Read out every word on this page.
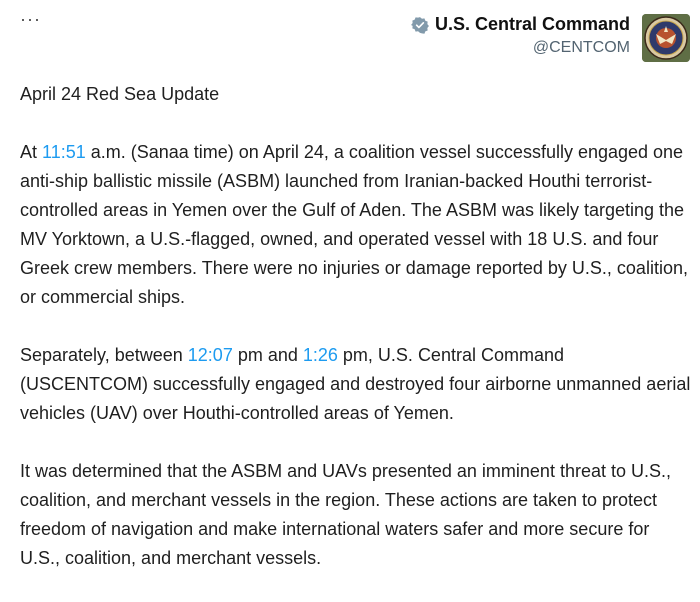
···	U.S. Central Command
@CENTCOM

April 24 Red Sea Update

At 11:51 a.m. (Sanaa time) on April 24, a coalition vessel successfully engaged one anti-ship ballistic missile (ASBM) launched from Iranian-backed Houthi terrorist-controlled areas in Yemen over the Gulf of Aden. The ASBM was likely targeting the MV Yorktown, a U.S.-flagged, owned, and operated vessel with 18 U.S. and four Greek crew members. There were no injuries or damage reported by U.S., coalition, or commercial ships.

Separately, between 12:07 pm and 1:26 pm, U.S. Central Command (USCENTCOM) successfully engaged and destroyed four airborne unmanned aerial vehicles (UAV) over Houthi-controlled areas of Yemen.

It was determined that the ASBM and UAVs presented an imminent threat to U.S., coalition, and merchant vessels in the region. These actions are taken to protect freedom of navigation and make international waters safer and more secure for U.S., coalition, and merchant vessels.
